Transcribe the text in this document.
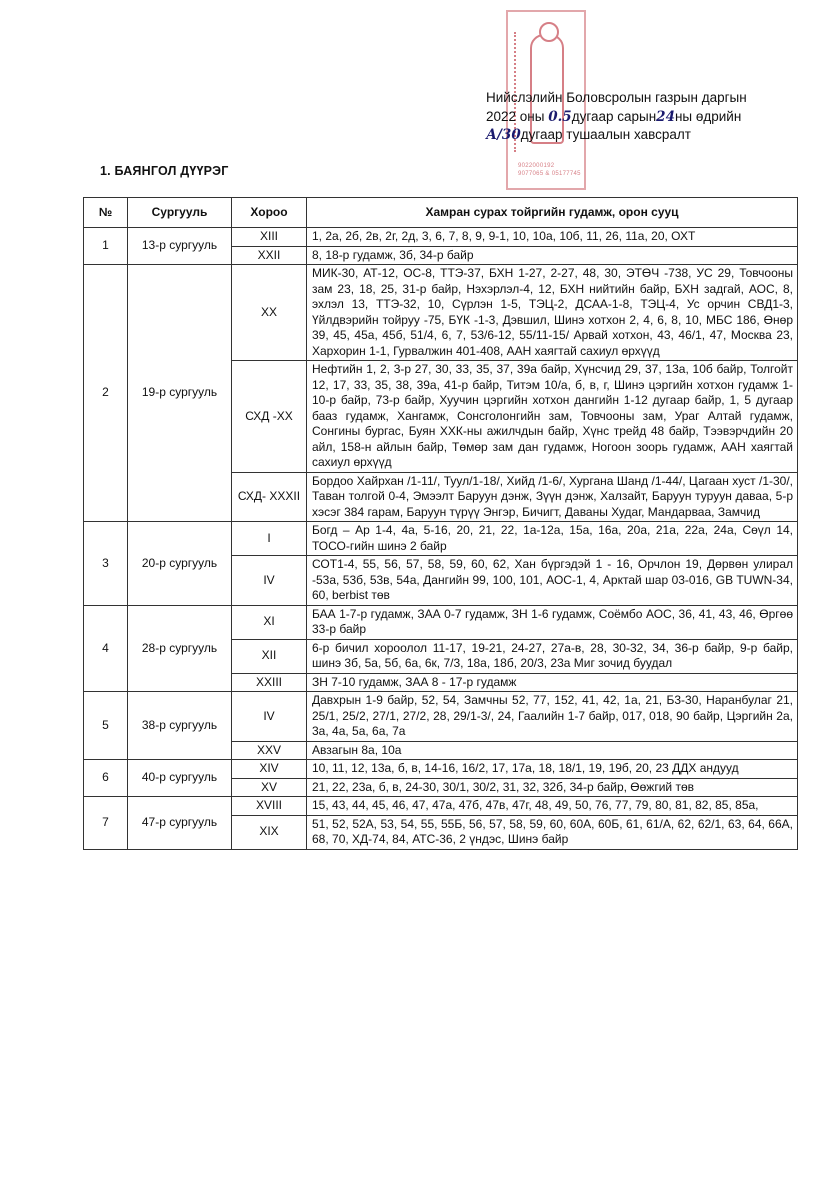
9022000192
9077065 & 05177745
Нийслэлийн Боловсролын газрын даргын
2022 оны 0.5дугаар сарын24ны өдрийн
А/30дугаар тушаалын хавсралт
1. БАЯНГОЛ ДҮҮРЭГ
№	Сургууль	Хороо	Хамран сурах тойргийн гудамж, орон сууц
1	13-р сургууль	XIII	1, 2а, 2б, 2в, 2г, 2д, 3, 6, 7, 8, 9, 9-1, 10, 10а, 10б, 11, 26, 11а, 20, ОХТ
		XXII	8, 18-р гудамж, 3б, 34-р байр
2	19-р сургууль	XX	МИК-30, АТ-12, ОС-8, ТТЭ-37, БХН 1-27, 2-27, 48, 30, ЭТӨЧ -738, УС 29, Товчооны зам 23, 18, 25, 31-р байр, Нэхэрлэл-4, 12, БХН нийтийн байр, БХН задгай, АОС, 8, эхлэл 13, ТТЭ-32, 10, Сүрлэн 1-5, ТЭЦ-2, ДСАА-1-8, ТЭЦ-4, Ус орчин СВД1-3, Үйлдвэрийн тойруу -75, БҮК -1-3, Дэвшил, Шинэ хотхон 2, 4, 6, 8, 10, МБС 186, Өнөр 39, 45, 45а, 45б, 51/4, 6, 7, 53/6-12, 55/11-15/ Арвай хотхон, 43, 46/1, 47, Москва 23, Хархорин 1-1, Гурвалжин 401-408, ААН хаягтай сахиул өрхүүд
		СХД -XX	Нефтийн 1, 2, 3-р 27, 30, 33, 35, 37, 39а байр, Хүнсчид 29, 37, 13а, 10б байр, Толгойт 12, 17, 33, 35, 38, 39а, 41-р байр, Титэм 10/а, б, в, г, Шинэ цэргийн хотхон гудамж 1-10-р байр, 73-р байр, Хуучин цэргийн хотхон дангийн 1-12 дугаар байр, 1, 5 дугаар бааз гудамж, Хангамж, Сонсголонгийн зам, Товчооны зам, Ураг Алтай гудамж, Сонгины бургас, Буян ХХК-ны ажилчдын байр, Хүнс трейд 48 байр, Тээвэрчдийн 20 айл, 158-н айлын байр, Төмөр зам дан гудамж, Ногоон зоорь гудамж, ААН хаягтай сахиул өрхүүд
		СХД- XXXII	Бордоо Хайрхан /1-11/, Туул/1-18/, Хийд /1-6/, Хургана Шанд /1-44/, Цагаан хуст /1-30/, Таван толгой 0-4, Эмээлт Баруун дэнж, Зүүн дэнж, Халзайт, Баруун туруун даваа, 5-р хэсэг 384 гарам, Баруун түрүү Энгэр, Бичигт, Даваны Худаг, Мандарваа, Замчид
3	20-р сургууль	I	Богд – Ар 1-4, 4а, 5-16, 20, 21, 22, 1а-12а, 15а, 16а, 20а, 21а, 22а, 24а, Сөүл 14, ТОСО-гийн шинэ 2 байр
		IV	СОТ1-4, 55, 56, 57, 58, 59, 60, 62, Хан бүргэдэй 1 - 16, Орчлон 19, Дөрвөн улирал -53а, 53б, 53в, 54а, Дангийн 99, 100, 101, АОС-1, 4, Арктай шар 03-016, GB TUWN-34, 60, berbist төв
4	28-р сургууль	XI	БАА 1-7-р гудамж, ЗАА 0-7 гудамж, ЗН 1-6 гудамж, Соёмбо АОС, 36, 41, 43, 46, Өргөө 33-р байр
		XII	6-р бичил хороолол 11-17, 19-21, 24-27, 27а-в, 28, 30-32, 34, 36-р байр, 9-р байр, шинэ 3б, 5а, 5б, 6а, 6к, 7/3, 18а, 18б, 20/3, 23а Миг зочид буудал
		XXIII	ЗН 7-10 гудамж, ЗАА 8 - 17-р гудамж
5	38-р сургууль	IV	Давхрын 1-9 байр, 52, 54, Замчны 52, 77, 152, 41, 42, 1а, 21, Б3-30, Наранбулаг 21, 25/1, 25/2, 27/1, 27/2, 28, 29/1-3/, 24, Гаалийн 1-7 байр, 017, 018, 90 байр, Цэргийн 2а, 3а, 4а, 5а, 6а, 7а
		XXV	Авзагын 8а, 10а
6	40-р сургууль	XIV	10, 11, 12, 13а, б, в, 14-16, 16/2, 17, 17а, 18, 18/1, 19, 19б, 20, 23 ДДХ андууд
		XV	21, 22, 23а, б, в, 24-30, 30/1, 30/2, 31, 32, 32б, 34-р байр, Өөжгий төв
7	47-р сургууль	XVIII	15, 43, 44, 45, 46, 47, 47а, 47б, 47в, 47г, 48, 49, 50, 76, 77, 79, 80, 81, 82, 85, 85а,
		XIX	51, 52, 52А, 53, 54, 55, 55Б, 56, 57, 58, 59, 60, 60А, 60Б, 61, 61/А, 62, 62/1, 63, 64, 66А, 68, 70, ХД-74, 84, АТС-36, 2 үндэс, Шинэ байр
